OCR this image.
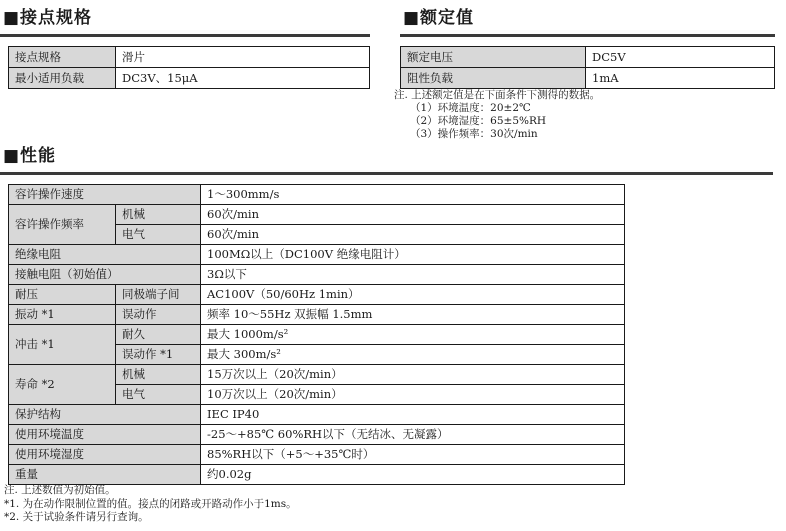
■接点规格
接点规格	滑片
最小适用负载	DC3V、15μA
■额定值
额定电压	DC5V
阻性负载	1mA
注. 上述额定值是在下面条件下测得的数据。
（1）环境温度：20±2℃
（2）环境湿度：65±5%RH
（3）操作频率：30次/min
■性能
容许操作速度		1～300mm/s
容许操作频率	机械	60次/min
	电气	60次/min
绝缘电阻		100MΩ以上（DC100V 绝缘电阻计）
接触电阻（初始值）		3Ω以下
耐压	同极端子间	AC100V（50/60Hz 1min）
振动 *1	误动作	频率 10～55Hz 双振幅 1.5mm
冲击 *1	耐久	最大 1000m/s²
	误动作 *1	最大 300m/s²
寿命 *2	机械	15万次以上（20次/min）
	电气	10万次以上（20次/min）
保护结构		IEC IP40
使用环境温度		-25～+85℃ 60%RH以下（无结冰、无凝露）
使用环境湿度		85%RH以下（+5～+35℃时）
重量		约0.02g
注. 上述数值为初始值。
*1. 为在动作限制位置的值。接点的闭路或开路动作小于1ms。
*2. 关于试验条件请另行查询。
